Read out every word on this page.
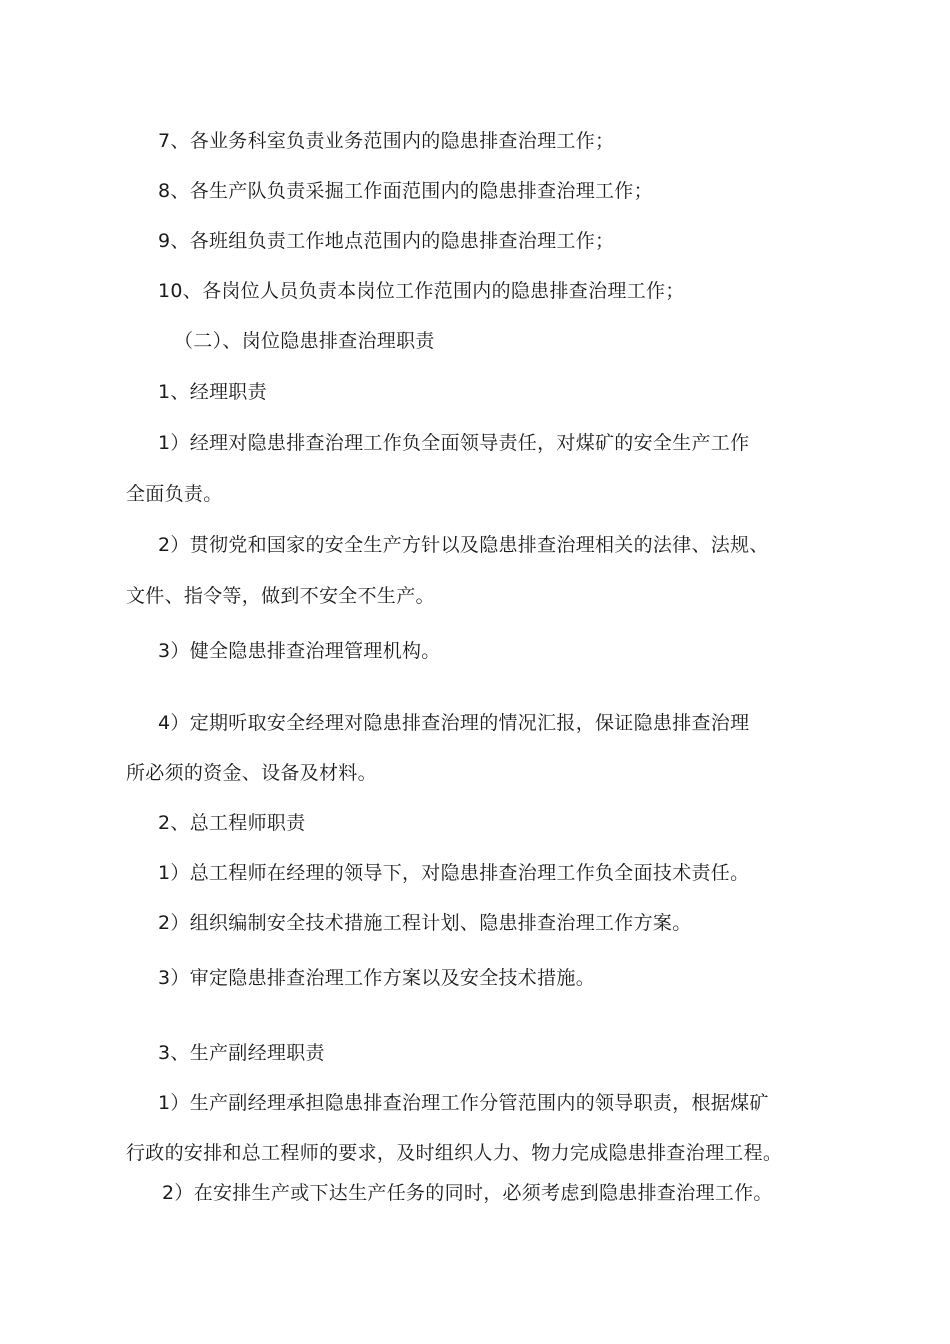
7、各业务科室负责业务范围内的隐患排查治理工作；
8、各生产队负责采掘工作面范围内的隐患排查治理工作；
9、各班组负责工作地点范围内的隐患排查治理工作；
10、各岗位人员负责本岗位工作范围内的隐患排查治理工作；
（二）、岗位隐患排查治理职责
1、经理职责
1）经理对隐患排查治理工作负全面领导责任，对煤矿的安全生产工作
全面负责。
2）贯彻党和国家的安全生产方针以及隐患排查治理相关的法律、法规、
文件、指令等，做到不安全不生产。
3）健全隐患排查治理管理机构。
4）定期听取安全经理对隐患排查治理的情况汇报，保证隐患排查治理
所必须的资金、设备及材料。
2、总工程师职责
1）总工程师在经理的领导下，对隐患排查治理工作负全面技术责任。
2）组织编制安全技术措施工程计划、隐患排查治理工作方案。
3）审定隐患排查治理工作方案以及安全技术措施。
3、生产副经理职责
1）生产副经理承担隐患排查治理工作分管范围内的领导职责，根据煤矿
行政的安排和总工程师的要求，及时组织人力、物力完成隐患排查治理工程。
2）在安排生产或下达生产任务的同时，必须考虑到隐患排查治理工作。
